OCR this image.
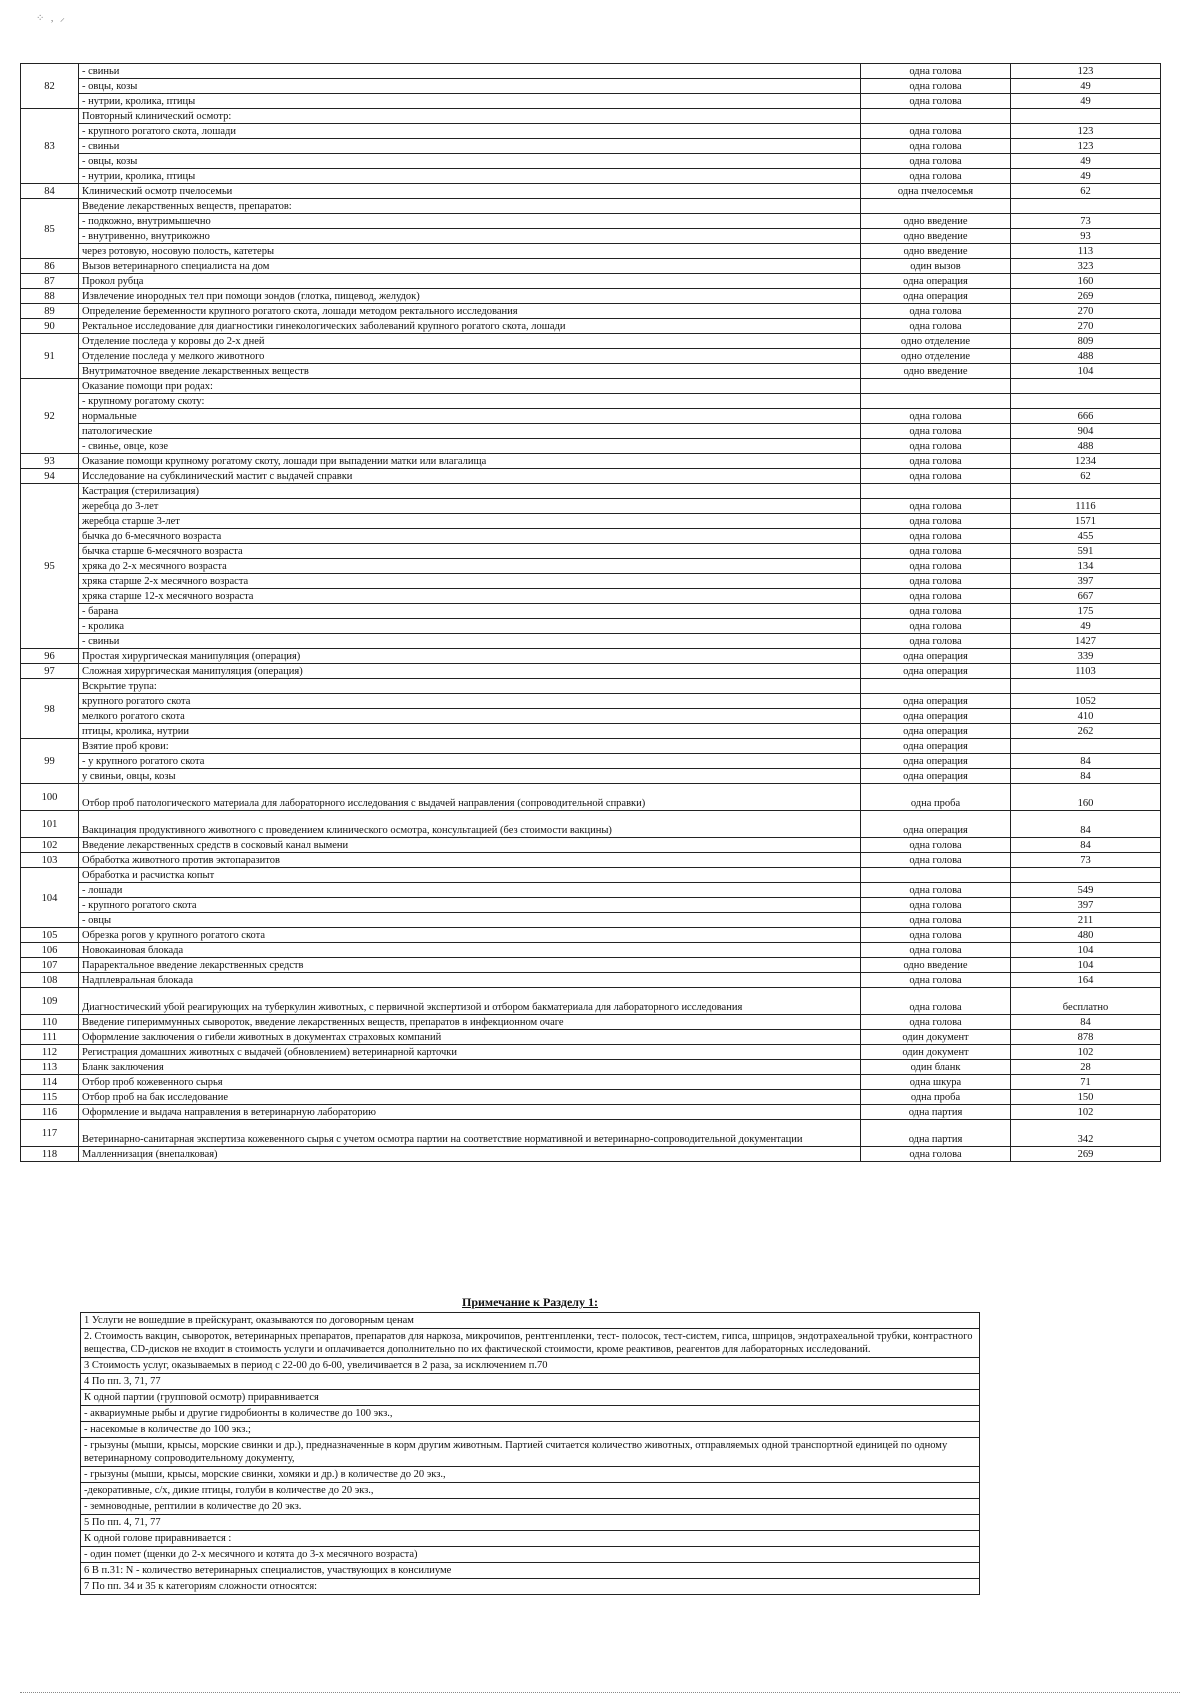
⁘ , ⸝
82	- свиньи	одна голова	123
	- овцы, козы	одна голова	49
	- нутрии, кролика, птицы	одна голова	49
83	Повторный клинический осмотр:		
	- крупного рогатого скота, лошади	одна голова	123
	- свиньи	одна голова	123
	- овцы, козы	одна голова	49
	- нутрии, кролика, птицы	одна голова	49
84	Клинический осмотр пчелосемьи	одна пчелосемья	62
85	Введение лекарственных веществ, препаратов:		
	- подкожно, внутримышечно	одно введение	73
	- внутривенно, внутрикожно	одно введение	93
	через ротовую, носовую полость, катетеры	одно введение	113
86	Вызов ветеринарного специалиста на дом	один вызов	323
87	Прокол рубца	одна операция	160
88	Извлечение инородных тел при помощи зондов (глотка, пищевод, желудок)	одна операция	269
89	Определение беременности крупного рогатого скота, лошади методом ректального исследования	одна голова	270
90	Ректальное исследование для диагностики гинекологических заболеваний крупного рогатого скота, лошади	одна голова	270
91	Отделение последа у коровы до 2-х дней	одно отделение	809
	Отделение последа у мелкого животного	одно отделение	488
	Внутриматочное введение лекарственных веществ	одно введение	104
92	Оказание помощи при родах:		
	- крупному рогатому скоту:		
	нормальные	одна голова	666
	патологические	одна голова	904
	- свинье, овце, козе	одна голова	488
93	Оказание помощи крупному рогатому скоту, лошади при выпадении матки или влагалища	одна голова	1234
94	Исследование на субклинический мастит с выдачей справки	одна голова	62
95	Кастрация (стерилизация)		
	жеребца до 3-лет	одна голова	1116
	жеребца старше 3-лет	одна голова	1571
	бычка до 6-месячного возраста	одна голова	455
	бычка старше 6-месячного возраста	одна голова	591
	хряка до 2-х месячного возраста	одна голова	134
	хряка старше 2-х месячного возраста	одна голова	397
	хряка старше 12-х месячного возраста	одна голова	667
	- барана	одна голова	175
	- кролика	одна голова	49
	- свиньи	одна голова	1427
96	Простая хирургическая манипуляция (операция)	одна операция	339
97	Сложная хирургическая манипуляция (операция)	одна операция	1103
98	Вскрытие трупа:		
	крупного рогатого скота	одна операция	1052
	мелкого рогатого скота	одна операция	410
	птицы, кролика, нутрии	одна операция	262
99	Взятие проб крови:	одна операция	
	- у крупного рогатого скота	одна операция	84
	у свиньи, овцы, козы	одна операция	84
100	Отбор проб патологического материала для лабораторного исследования с выдачей направления (сопроводительной справки)	одна проба	160
101	Вакцинация продуктивного животного с проведением клинического осмотра, консультацией (без стоимости вакцины)	одна операция	84
102	Введение лекарственных средств в сосковый канал вымени	одна голова	84
103	Обработка животного против эктопаразитов	одна голова	73
104	Обработка и расчистка копыт		
	- лошади	одна голова	549
	- крупного рогатого скота	одна голова	397
	- овцы	одна голова	211
105	Обрезка рогов у крупного рогатого скота	одна голова	480
106	Новокаиновая блокада	одна голова	104
107	Параректальное введение лекарственных средств	одно введение	104
108	Надплевральная блокада	одна голова	164
109	Диагностический убой реагирующих на туберкулин животных, с первичной экспертизой и отбором бакматериала для лабораторного исследования	одна голова	бесплатно
110	Введение гипериммунных сывороток, введение лекарственных веществ, препаратов в инфекционном очаге	одна голова	84
111	Оформление заключения о гибели животных в документах страховых компаний	один документ	878
112	Регистрация домашних животных с выдачей (обновлением) ветеринарной карточки	один документ	102
113	Бланк заключения	один бланк	28
114	Отбор проб кожевенного сырья	одна шкура	71
115	Отбор проб на бак исследование	одна проба	150
116	Оформление и выдача направления в ветеринарную лабораторию	одна партия	102
117	Ветеринарно-санитарная экспертиза кожевенного сырья с учетом осмотра партии на соответствие нормативной и ветеринарно-сопроводительной документации	одна партия	342
118	Малленнизация (внепалковая)	одна голова	269
Примечание к Разделу 1:
1 Услуги не вошедшие в прейскурант, оказываются по договорным ценам
2. Стоимость вакцин, сывороток, ветеринарных препаратов, препаратов для наркоза, микрочипов, рентгенпленки, тест- полосок, тест-систем, гипса, шприцов, эндотрахеальной трубки, контрастного вещества, CD-дисков не входит в стоимость услуги и оплачивается дополнительно по их фактической стоимости, кроме реактивов, реагентов для лабораторных исследований.
3 Стоимость услуг, оказываемых в период с 22-00 до 6-00, увеличивается в 2 раза, за исключением п.70
4 По пп. 3, 71, 77
К одной партии (групповой осмотр) приравнивается
- аквариумные рыбы и другие гидробионты в количестве до 100 экз.,
- насекомые в количестве до 100 экз.;
- грызуны (мыши, крысы, морские свинки и др.), предназначенные в корм другим животным. Партией считается количество животных, отправляемых одной транспортной единицей по одному ветеринарному сопроводительному документу,
- грызуны (мыши, крысы, морские свинки, хомяки и др.) в количестве до 20 экз.,
-декоративные, с/х, дикие птицы, голуби в количестве до 20 экз.,
- земноводные, рептилии в количестве до 20 экз.
5 По пп. 4, 71, 77
К одной голове приравнивается :
- один помет (щенки до 2-х месячного и котята до 3-х месячного возраста)
6 В п.31: N - количество ветеринарных специалистов, участвующих в консилиуме
7 По пп. 34 и 35 к категориям сложности относятся:
